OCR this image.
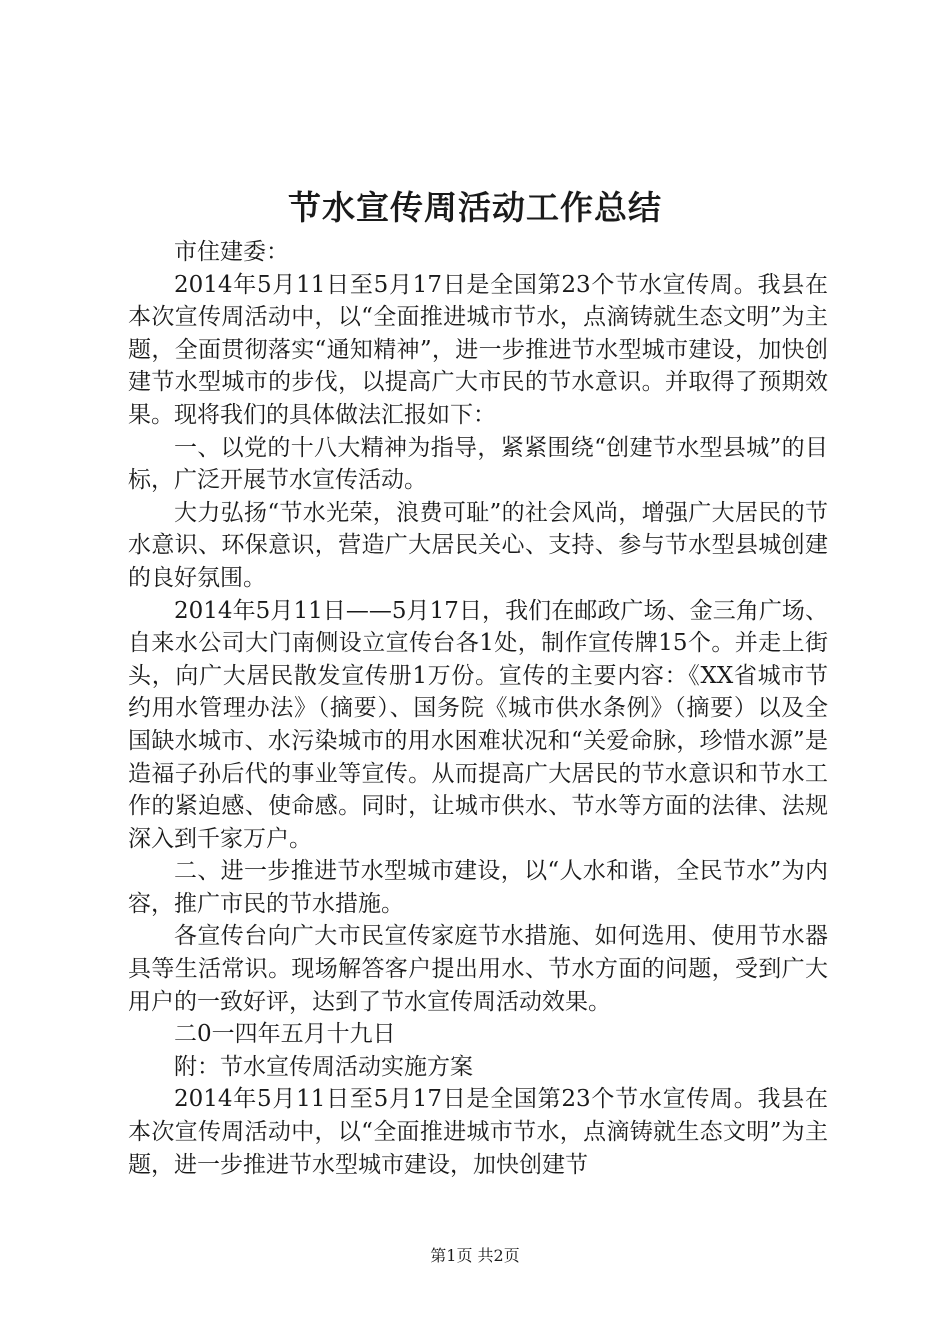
节水宣传周活动工作总结

市住建委：

2014年5月11日至5月17日是全国第23个节水宣传周。我县在本次宣传周活动中，以“全面推进城市节水，点滴铸就生态文明”为主题，全面贯彻落实“通知精神”，进一步推进节水型城市建设，加快创建节水型城市的步伐，以提高广大市民的节水意识。并取得了预期效果。现将我们的具体做法汇报如下：

一、以党的十八大精神为指导，紧紧围绕“创建节水型县城”的目标，广泛开展节水宣传活动。

大力弘扬“节水光荣，浪费可耻”的社会风尚，增强广大居民的节水意识、环保意识，营造广大居民关心、支持、参与节水型县城创建的良好氛围。

2014年5月11日——5月17日，我们在邮政广场、金三角广场、自来水公司大门南侧设立宣传台各1处，制作宣传牌15个。并走上街头，向广大居民散发宣传册1万份。宣传的主要内容：《XX省城市节约用水管理办法》（摘要）、国务院《城市供水条例》（摘要）以及全国缺水城市、水污染城市的用水困难状况和“关爱命脉，珍惜水源”是造福子孙后代的事业等宣传。从而提高广大居民的节水意识和节水工作的紧迫感、使命感。同时，让城市供水、节水等方面的法律、法规深入到千家万户。

二、进一步推进节水型城市建设，以“人水和谐，全民节水”为内容，推广市民的节水措施。

各宣传台向广大市民宣传家庭节水措施、如何选用、使用节水器具等生活常识。现场解答客户提出用水、节水方面的问题，受到广大用户的一致好评，达到了节水宣传周活动效果。

二0一四年五月十九日

附：节水宣传周活动实施方案

2014年5月11日至5月17日是全国第23个节水宣传周。我县在本次宣传周活动中，以“全面推进城市节水，点滴铸就生态文明”为主题，进一步推进节水型城市建设，加快创建节

第1页 共2页
